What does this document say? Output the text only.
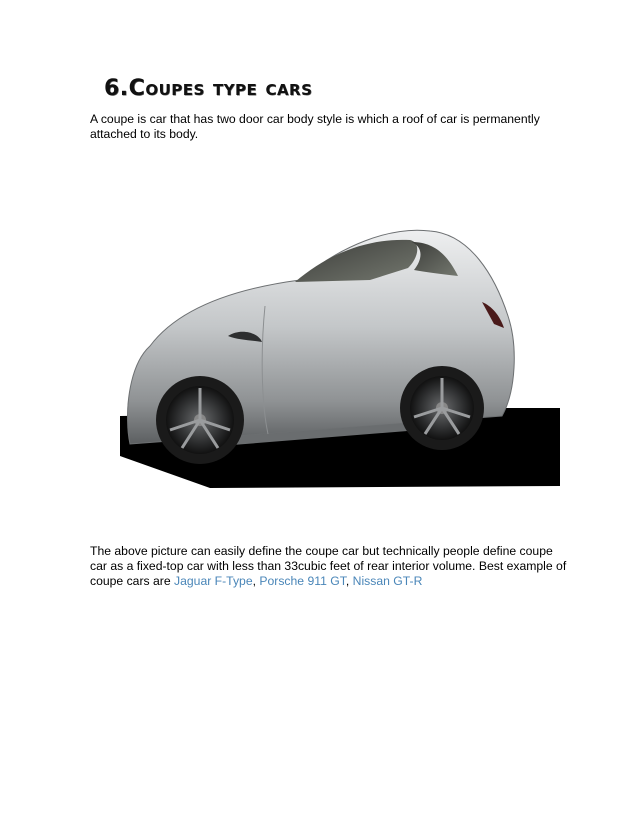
6.Coupes type cars

A coupe is car that has two door car body style is which a roof of car is permanently attached to its body.

The above picture can easily define the coupe car but technically people define coupe car as a fixed-top car with less than 33cubic feet of rear interior volume. Best example of coupe cars are Jaguar F-Type, Porsche 911 GT, Nissan GT-R
